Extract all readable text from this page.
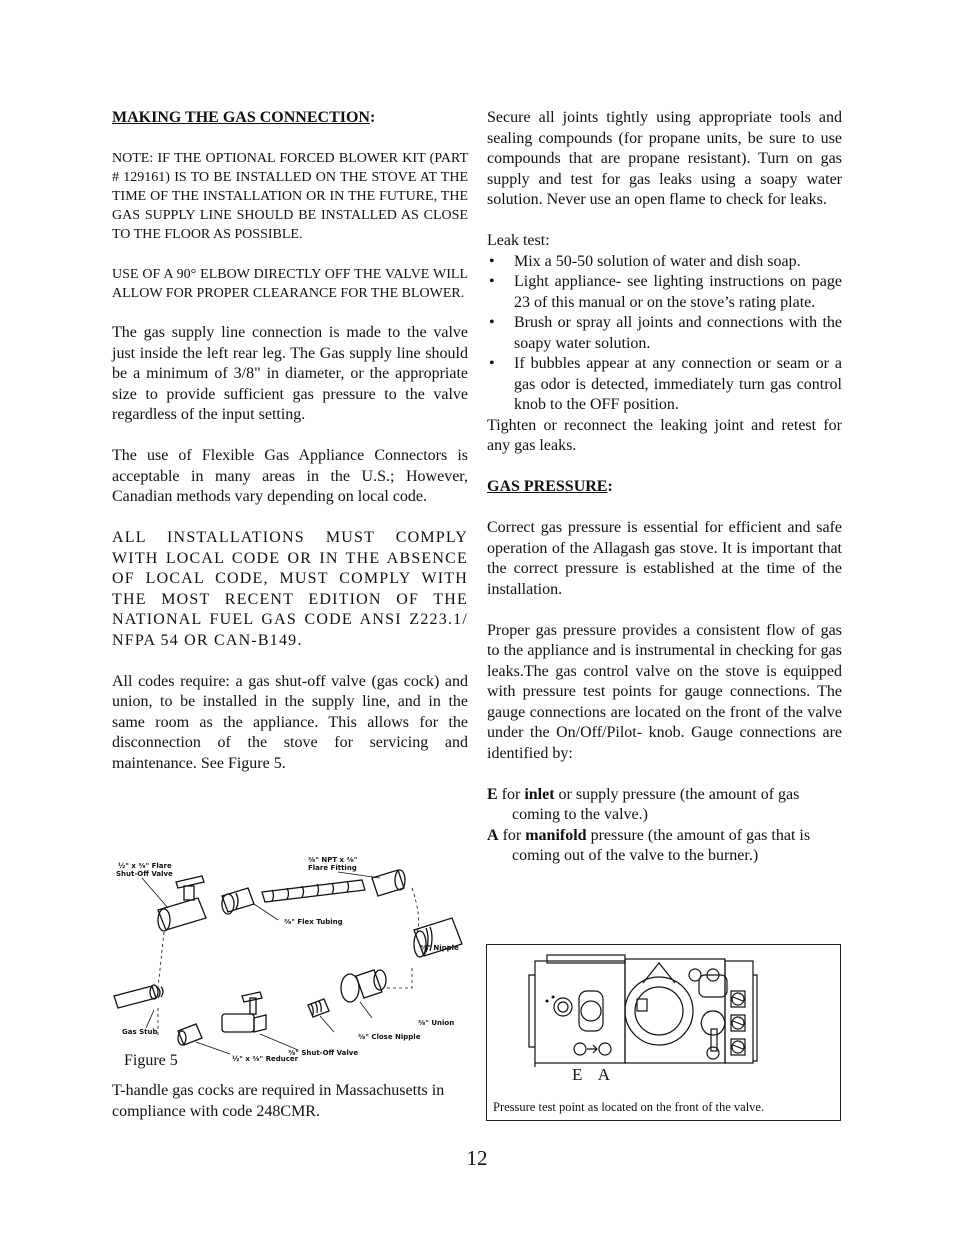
MAKING THE GAS CONNECTION:

NOTE: IF THE OPTIONAL FORCED BLOWER KIT (PART # 129161) IS TO BE INSTALLED ON THE STOVE AT THE TIME OF THE INSTALLATION OR IN THE FUTURE, THE GAS SUPPLY LINE SHOULD BE INSTALLED AS CLOSE TO THE FLOOR AS POSSIBLE.

USE OF A 90° ELBOW DIRECTLY OFF THE VALVE WILL ALLOW FOR PROPER CLEARANCE FOR THE BLOWER.

The gas supply line connection is made to the valve just inside the left rear leg. The Gas supply line should be a minimum of 3/8" in diameter, or the appropriate size to provide sufficient gas pressure to the valve regardless of the input setting.

The use of Flexible Gas Appliance Connectors is acceptable in many areas in the U.S.; However, Canadian methods vary depending on local code.

ALL INSTALLATIONS MUST COMPLY WITH LOCAL CODE OR IN THE ABSENCE OF LOCAL CODE, MUST COMPLY WITH THE MOST RECENT EDITION OF THE NATIONAL FUEL GAS CODE ANSI Z223.1/ NFPA 54 OR CAN-B149.

All codes require: a gas shut-off valve (gas cock) and union, to be installed in the supply line, and in the same room as the appliance. This allows for the disconnection of the stove for servicing and maintenance. See Figure 5.

½" x ⅜" Flare
Shut-Off Valve
⅜" NPT x ⅜"
Flare Fitting
⅜" Flex Tubing
⅜" Nipple
Gas Stub
⅜" Union
⅜" Close Nipple
⅜" Shut-Off Valve
½" x ⅜" Reducer
Figure 5

T-handle gas cocks are required in Massachusetts in compliance with code 248CMR.

Secure all joints tightly using appropriate tools and sealing compounds (for propane units, be sure to use compounds that are propane resistant). Turn on gas supply and test for gas leaks using a soapy water solution. Never use an open flame to check for leaks.

Leak test:

• Mix a 50-50 solution of water and dish soap.
• Light appliance- see lighting instructions on page 23 of this manual or on the stove’s rating plate.
• Brush or spray all joints and connections with the soapy water solution.
• If bubbles appear at any connection or seam or a gas odor is detected, immediately turn gas control knob to the OFF position.

Tighten or reconnect the leaking joint and retest for any gas leaks.

GAS PRESSURE:

Correct gas pressure is essential for efficient and safe operation of the Allagash gas stove. It is important that the correct pressure is established at the time of the installation.

Proper gas pressure provides a consistent flow of gas to the appliance and is instrumental in checking for gas leaks.The gas control valve on the stove is equipped with pressure test points for gauge connections. The gauge connections are located on the front of the valve under the On/Off/Pilot- knob. Gauge connections are identified by:

E for inlet or supply pressure (the amount of gas coming to the valve.)

A for manifold pressure (the amount of gas that is coming out of the valve to the burner.)

E A
Pressure test point as located on the front of the valve.
12
